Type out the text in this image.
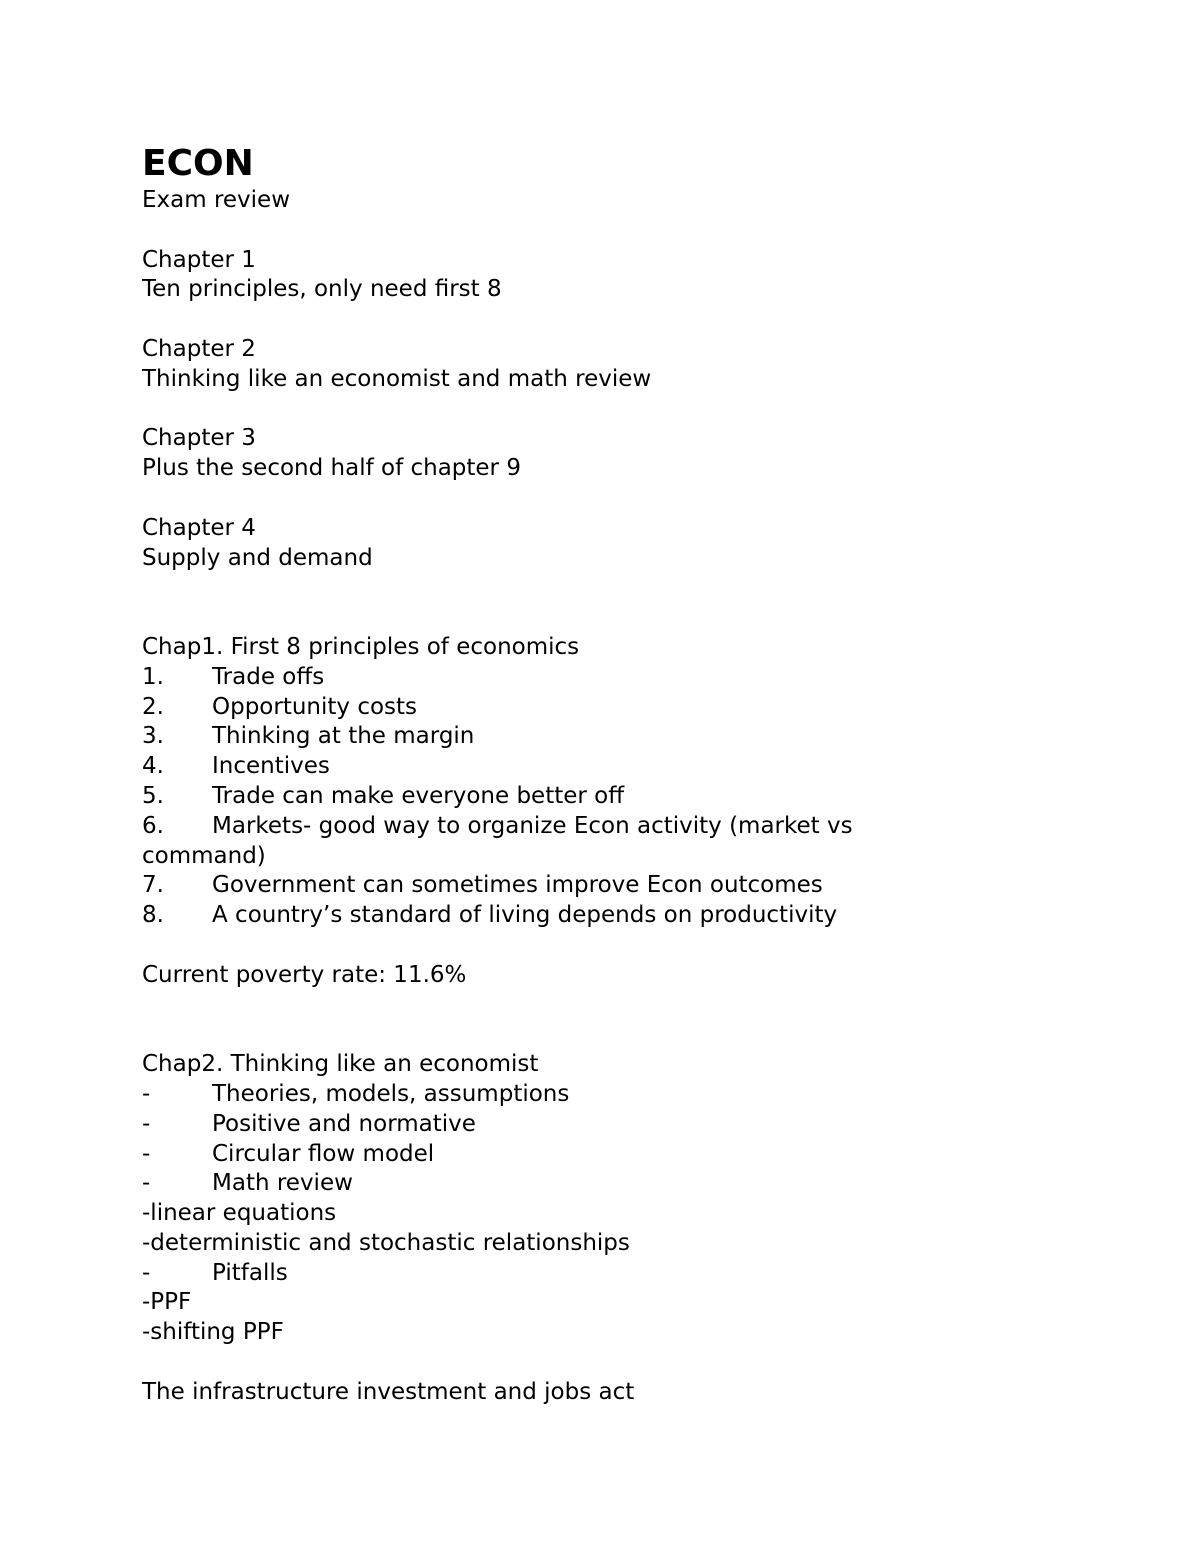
ECON
Exam review
Chapter 1
Ten principles, only need first 8
Chapter 2
Thinking like an economist and math review
Chapter 3
Plus the second half of chapter 9
Chapter 4
Supply and demand
Chap1. First 8 principles of economics
1.	Trade offs
2.	Opportunity costs
3.	Thinking at the margin
4.	Incentives
5.	Trade can make everyone better off
6.	Markets- good way to organize Econ activity (market vs
command)
7.	Government can sometimes improve Econ outcomes
8.	A country’s standard of living depends on productivity
Current poverty rate: 11.6%
Chap2. Thinking like an economist
-	Theories, models, assumptions
-	Positive and normative
-	Circular flow model
-	Math review
-linear equations
-deterministic and stochastic relationships
-	Pitfalls
-PPF
-shifting PPF
The infrastructure investment and jobs act
